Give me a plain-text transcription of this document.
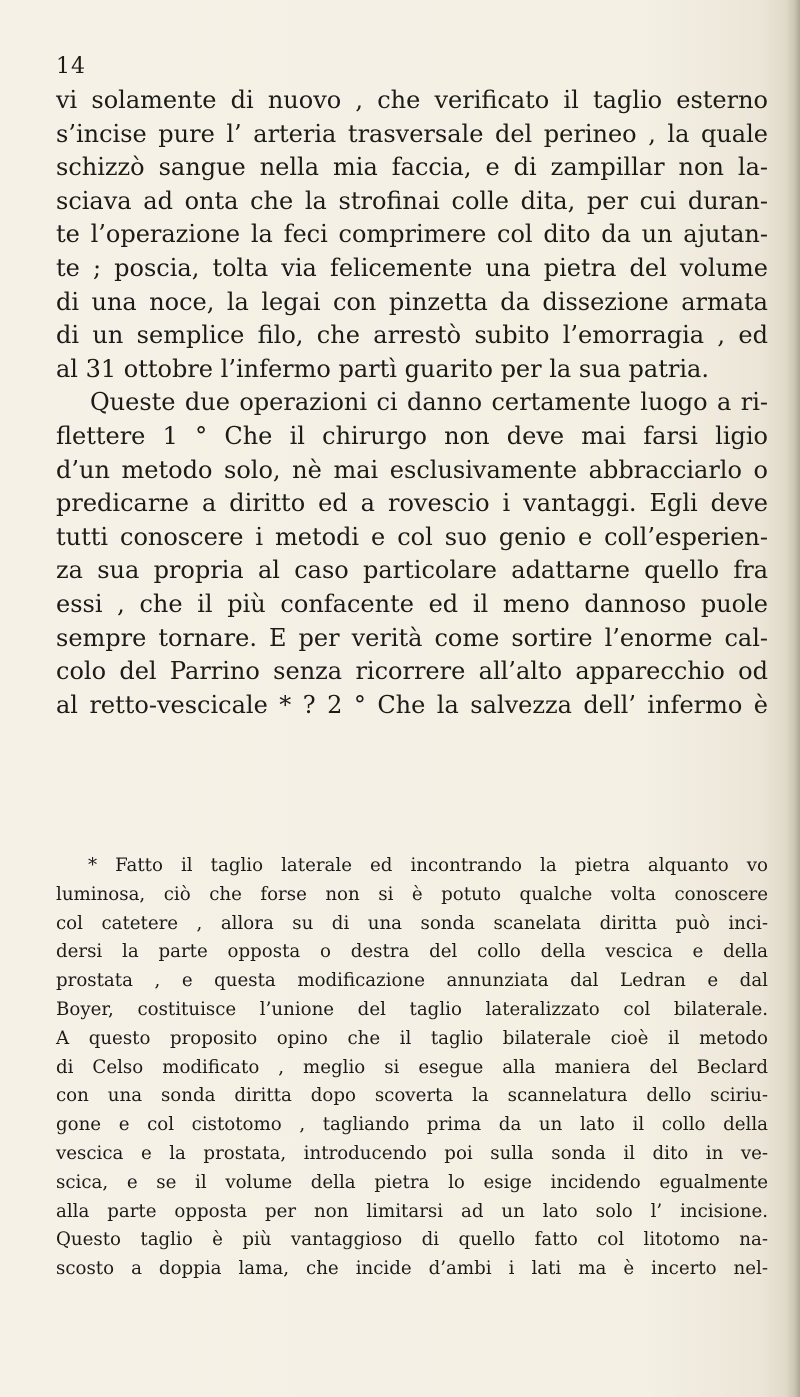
14
vi solamente di nuovo , che verificato il taglio esterno
s’incise pure l’ arteria trasversale del perineo , la quale
schizzò sangue nella mia faccia, e di zampillar non la-
sciava ad onta che la strofinai colle dita, per cui duran-
te l’operazione la feci comprimere col dito da un ajutan-
te ; poscia, tolta via felicemente una pietra del volume
di una noce, la legai con pinzetta da dissezione armata
di un semplice filo, che arrestò subito l’emorragia , ed
al 31 ottobre l’infermo partì guarito per la sua patria.
Queste due operazioni ci danno certamente luogo a ri-
flettere 1 ° Che il chirurgo non deve mai farsi ligio
d’un metodo solo, nè mai esclusivamente abbracciarlo o
predicarne a diritto ed a rovescio i vantaggi. Egli deve
tutti conoscere i metodi e col suo genio e coll’esperien-
za sua propria al caso particolare adattarne quello fra
essi , che il più confacente ed il meno dannoso puole
sempre tornare. E per verità come sortire l’enorme cal-
colo del Parrino senza ricorrere all’alto apparecchio od
al retto-vescicale * ? 2 ° Che la salvezza dell’ infermo è
* Fatto il taglio laterale ed incontrando la pietra alquanto vo
luminosa, ciò che forse non si è potuto qualche volta conoscere
col catetere , allora su di una sonda scanelata diritta può inci-
dersi la parte opposta o destra del collo della vescica e della
prostata , e questa modificazione annunziata dal Ledran e dal
Boyer, costituisce l’unione del taglio lateralizzato col bilaterale.
A questo proposito opino che il taglio bilaterale cioè il metodo
di Celso modificato , meglio si esegue alla maniera del Beclard
con una sonda diritta dopo scoverta la scannelatura dello sciriu-
gone e col cistotomo , tagliando prima da un lato il collo della
vescica e la prostata, introducendo poi sulla sonda il dito in ve-
scica, e se il volume della pietra lo esige incidendo egualmente
alla parte opposta per non limitarsi ad un lato solo l’ incisione.
Questo taglio è più vantaggioso di quello fatto col litotomo na-
scosto a doppia lama, che incide d’ambi i lati ma è incerto nel-
